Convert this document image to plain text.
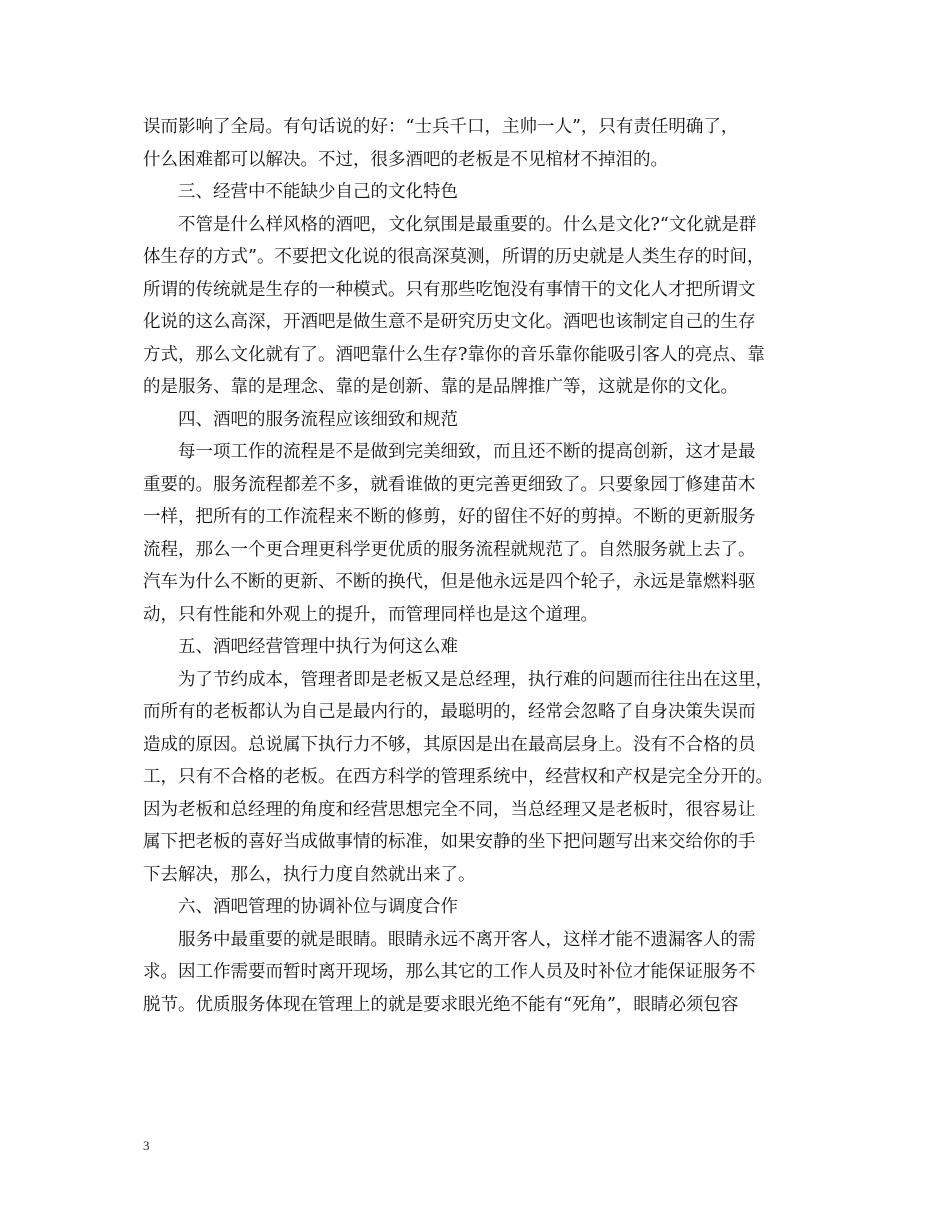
误而影响了全局。有句话说的好：“士兵千口，主帅一人”，只有责任明确了，
什么困难都可以解决。不过，很多酒吧的老板是不见棺材不掉泪的。
三、经营中不能缺少自己的文化特色
不管是什么样风格的酒吧，文化氛围是最重要的。什么是文化?“文化就是群
体生存的方式”。不要把文化说的很高深莫测，所谓的历史就是人类生存的时间，
所谓的传统就是生存的一种模式。只有那些吃饱没有事情干的文化人才把所谓文
化说的这么高深，开酒吧是做生意不是研究历史文化。酒吧也该制定自己的生存
方式，那么文化就有了。酒吧靠什么生存?靠你的音乐靠你能吸引客人的亮点、靠
的是服务、靠的是理念、靠的是创新、靠的是品牌推广等，这就是你的文化。
四、酒吧的服务流程应该细致和规范
每一项工作的流程是不是做到完美细致，而且还不断的提高创新，这才是最
重要的。服务流程都差不多，就看谁做的更完善更细致了。只要象园丁修建苗木
一样，把所有的工作流程来不断的修剪，好的留住不好的剪掉。不断的更新服务
流程，那么一个更合理更科学更优质的服务流程就规范了。自然服务就上去了。
汽车为什么不断的更新、不断的换代，但是他永远是四个轮子，永远是靠燃料驱
动，只有性能和外观上的提升，而管理同样也是这个道理。
五、酒吧经营管理中执行为何这么难
为了节约成本，管理者即是老板又是总经理，执行难的问题而往往出在这里，
而所有的老板都认为自己是最内行的，最聪明的，经常会忽略了自身决策失误而
造成的原因。总说属下执行力不够，其原因是出在最高层身上。没有不合格的员
工，只有不合格的老板。在西方科学的管理系统中，经营权和产权是完全分开的。
因为老板和总经理的角度和经营思想完全不同，当总经理又是老板时，很容易让
属下把老板的喜好当成做事情的标准，如果安静的坐下把问题写出来交给你的手
下去解决，那么，执行力度自然就出来了。
六、酒吧管理的协调补位与调度合作
服务中最重要的就是眼睛。眼睛永远不离开客人，这样才能不遗漏客人的需
求。因工作需要而暂时离开现场，那么其它的工作人员及时补位才能保证服务不
脱节。优质服务体现在管理上的就是要求眼光绝不能有“死角”，眼睛必须包容
3
